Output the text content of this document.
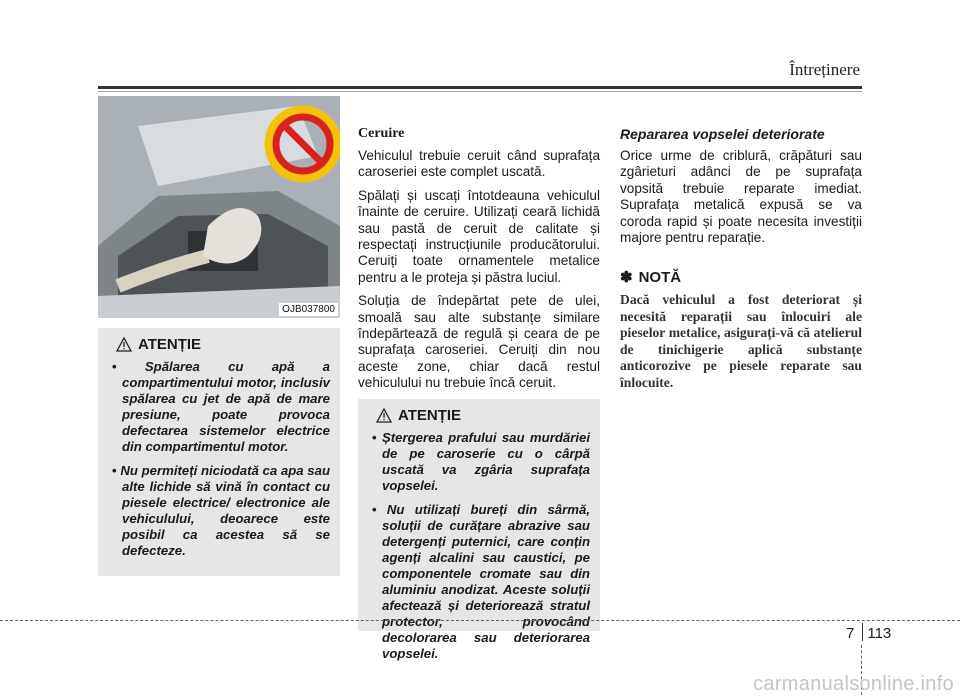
Întreținere
OJB037800
ATENȚIE
• Spălarea cu apă a compartimentului motor, inclusiv spălarea cu jet de apă de mare presiune, poate provoca defectarea sistemelor electrice din compartimentul motor.
• Nu permiteți niciodată ca apa sau alte lichide să vină în contact cu piesele electrice/ electronice ale vehiculului, deoarece este posibil ca acestea să se defecteze.
Ceruire

Vehiculul trebuie ceruit când suprafața caroseriei este complet uscată.

Spălați și uscați întotdeauna vehiculul înainte de ceruire. Utilizați ceară lichidă sau pastă de ceruit de calitate și respectați instrucțiunile producătorului. Ceruiți toate ornamentele metalice pentru a le proteja și păstra luciul.

Soluția de îndepărtat pete de ulei, smoală sau alte substanțe similare îndepărtează de regulă și ceara de pe suprafața caroseriei. Ceruiți din nou aceste zone, chiar dacă restul vehiculului nu trebuie încă ceruit.

ATENȚIE
• Ștergerea prafului sau murdăriei de pe caroserie cu o cârpă uscată va zgâria suprafața vopselei.
• Nu utilizați bureți din sârmă, soluții de curățare abrazive sau detergenți puternici, care conțin agenți alcalini sau caustici, pe componentele cromate sau din aluminiu anodizat. Aceste soluții afectează și deteriorează stratul protector, provocând decolorarea sau deteriorarea vopselei.
Repararea vopselei deteriorate

Orice urme de criblură, crăpături sau zgârieturi adânci de pe suprafața vopsită trebuie reparate imediat. Suprafața metalică expusă se va coroda rapid și poate necesita investiții majore pentru reparație.

✽ NOTĂ
Dacă vehiculul a fost deteriorat și necesită reparații sau înlocuiri ale pieselor metalice, asigurați-vă că atelierul de tinichigerie aplică substanțe anticorozive pe piesele reparate sau înlocuite.
7 113
carmanualsonline.info
